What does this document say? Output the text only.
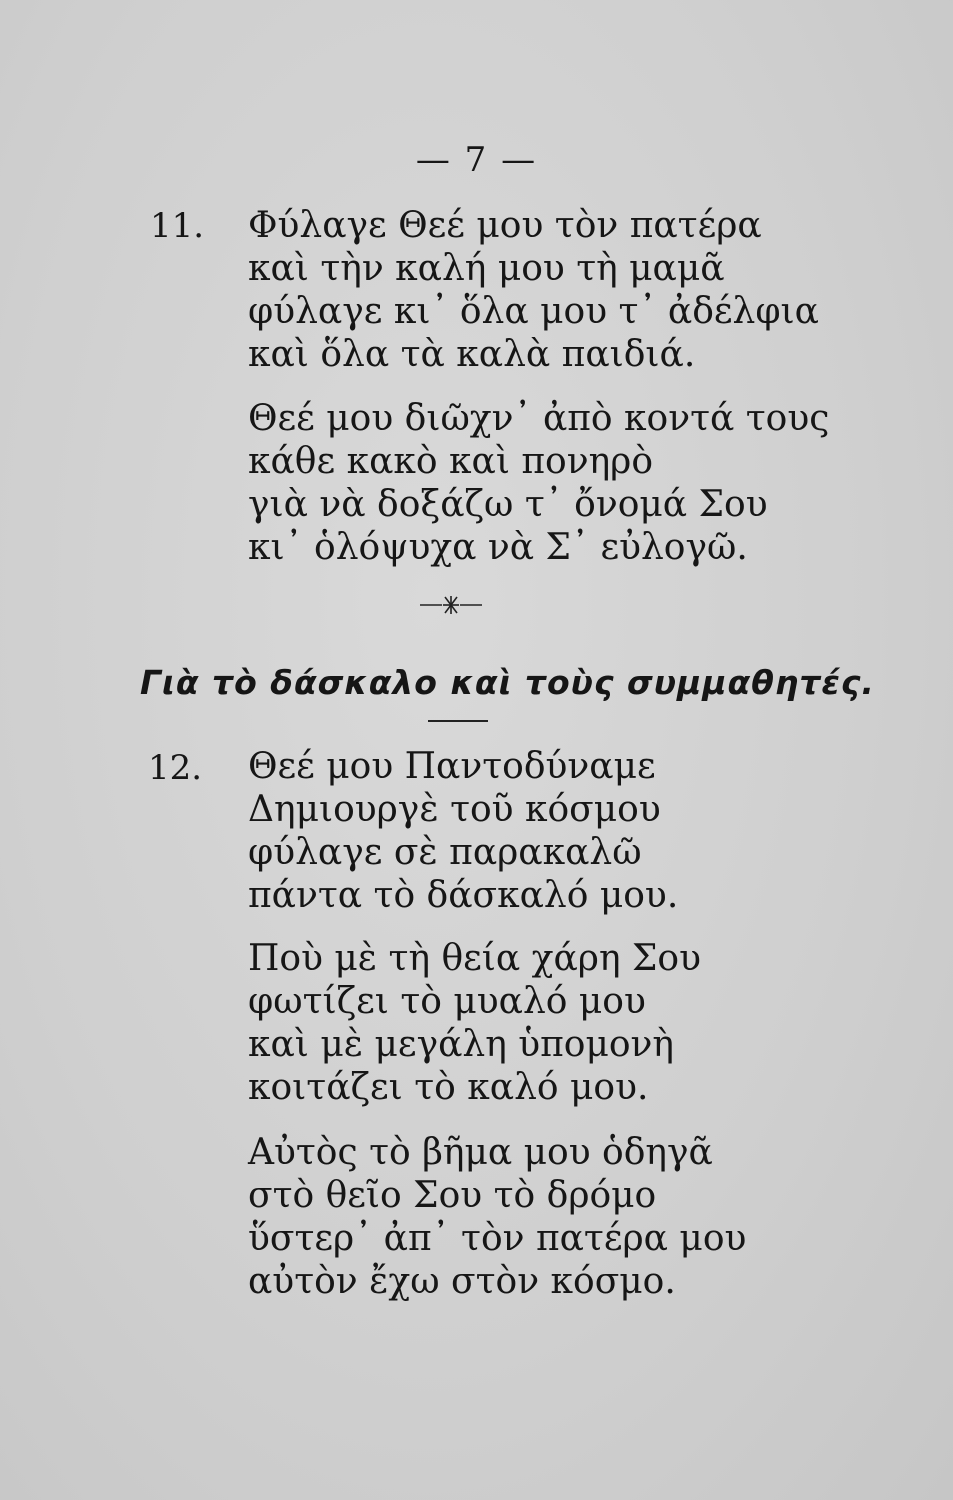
— 7 —
11. Φύλαγε Θεέ μου τὸν πατέρα
καὶ τὴν καλή μου τὴ μαμᾶ
φύλαγε κι᾽ ὅλα μου τ᾽ ἀδέλφια
καὶ ὅλα τὰ καλὰ παιδιά.
Θεέ μου διῶχν᾽ ἀπὸ κοντά τους
κάθε κακὸ καὶ πονηρὸ
γιὰ νὰ δοξάζω τ᾽ ὄνομά Σου
κι᾽ ὁλόψυχα νὰ Σ᾽ εὐλογῶ.
Γιὰ τὸ δάσκαλο καὶ τοὺς συμμαθητές.
12. Θεέ μου Παντοδύναμε
Δημιουργὲ τοῦ κόσμου
φύλαγε σὲ παρακαλῶ
πάντα τὸ δάσκαλό μου.
Ποὺ μὲ τὴ θεία χάρη Σου
φωτίζει τὸ μυαλό μου
καὶ μὲ μεγάλη ὑπομονὴ
κοιτάζει τὸ καλό μου.
Αὐτὸς τὸ βῆμα μου ὁδηγᾶ
στὸ θεῖο Σου τὸ δρόμο
ὕστερ᾽ ἀπ᾽ τὸν πατέρα μου
αὐτὸν ἔχω στὸν κόσμο.
